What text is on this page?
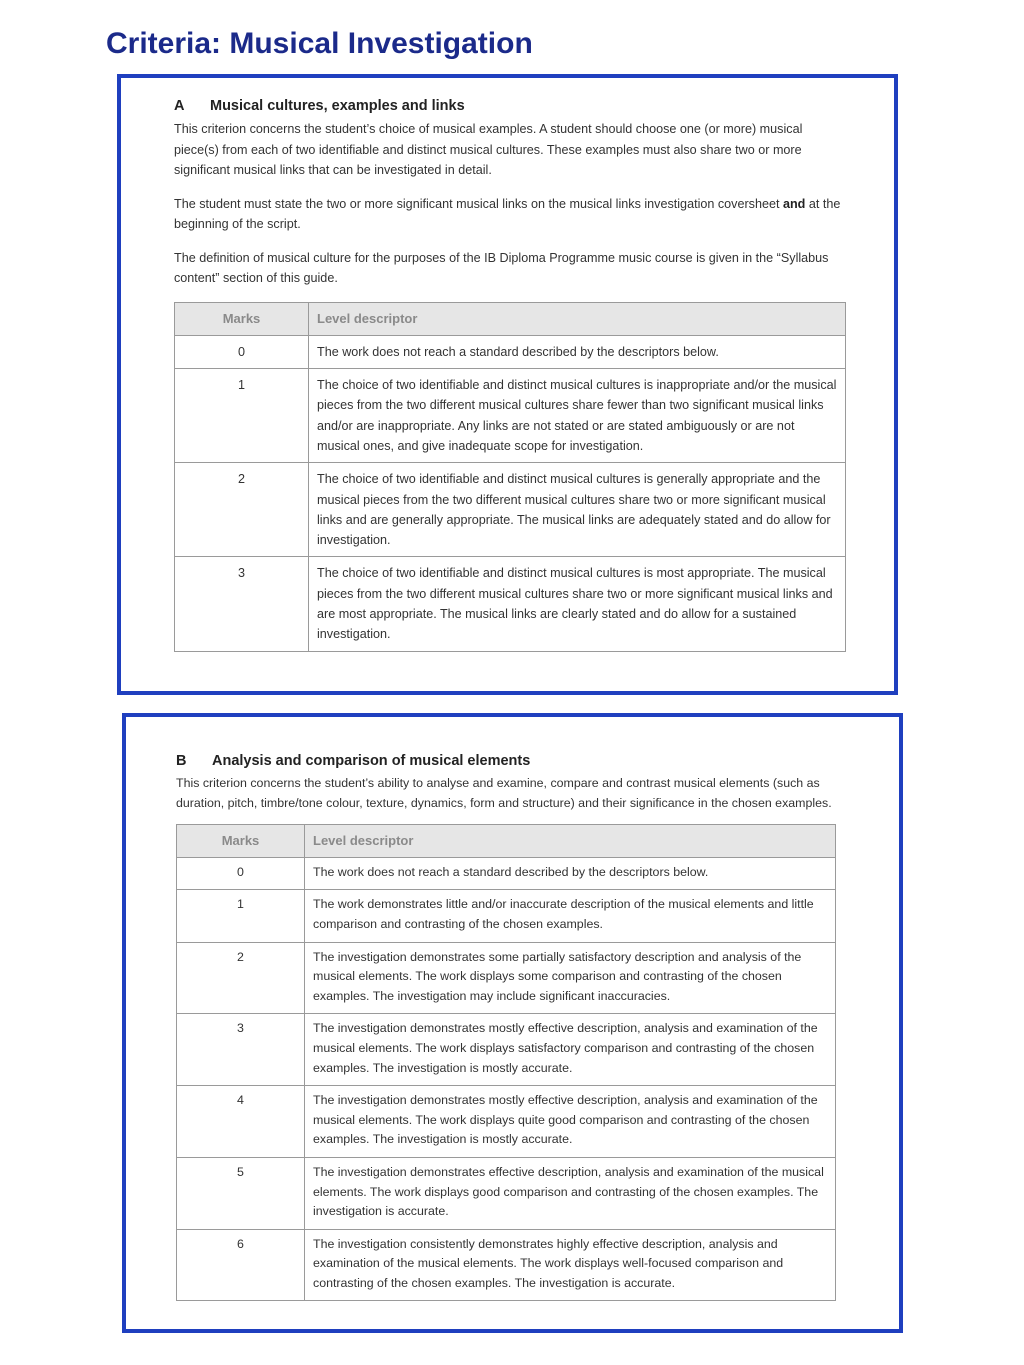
Criteria: Musical Investigation
A Musical cultures, examples and links

This criterion concerns the student’s choice of musical examples. A student should choose one (or more) musical piece(s) from each of two identifiable and distinct musical cultures. These examples must also share two or more significant musical links that can be investigated in detail.

The student must state the two or more significant musical links on the musical links investigation coversheet and at the beginning of the script.

The definition of musical culture for the purposes of the IB Diploma Programme music course is given in the “Syllabus content” section of this guide.

Marks	Level descriptor
0	The work does not reach a standard described by the descriptors below.
1	The choice of two identifiable and distinct musical cultures is inappropriate and/or the musical pieces from the two different musical cultures share fewer than two significant musical links and/or are inappropriate. Any links are not stated or are stated ambiguously or are not musical ones, and give inadequate scope for investigation.
2	The choice of two identifiable and distinct musical cultures is generally appropriate and the musical pieces from the two different musical cultures share two or more significant musical links and are generally appropriate. The musical links are adequately stated and do allow for investigation.
3	The choice of two identifiable and distinct musical cultures is most appropriate. The musical pieces from the two different musical cultures share two or more significant musical links and are most appropriate. The musical links are clearly stated and do allow for a sustained investigation.
B Analysis and comparison of musical elements

This criterion concerns the student’s ability to analyse and examine, compare and contrast musical elements (such as duration, pitch, timbre/tone colour, texture, dynamics, form and structure) and their significance in the chosen examples.

Marks	Level descriptor
0	The work does not reach a standard described by the descriptors below.
1	The work demonstrates little and/or inaccurate description of the musical elements and little comparison and contrasting of the chosen examples.
2	The investigation demonstrates some partially satisfactory description and analysis of the musical elements. The work displays some comparison and contrasting of the chosen examples. The investigation may include significant inaccuracies.
3	The investigation demonstrates mostly effective description, analysis and examination of the musical elements. The work displays satisfactory comparison and contrasting of the chosen examples. The investigation is mostly accurate.
4	The investigation demonstrates mostly effective description, analysis and examination of the musical elements. The work displays quite good comparison and contrasting of the chosen examples. The investigation is mostly accurate.
5	The investigation demonstrates effective description, analysis and examination of the musical elements. The work displays good comparison and contrasting of the chosen examples. The investigation is accurate.
6	The investigation consistently demonstrates highly effective description, analysis and examination of the musical elements. The work displays well-focused comparison and contrasting of the chosen examples. The investigation is accurate.
